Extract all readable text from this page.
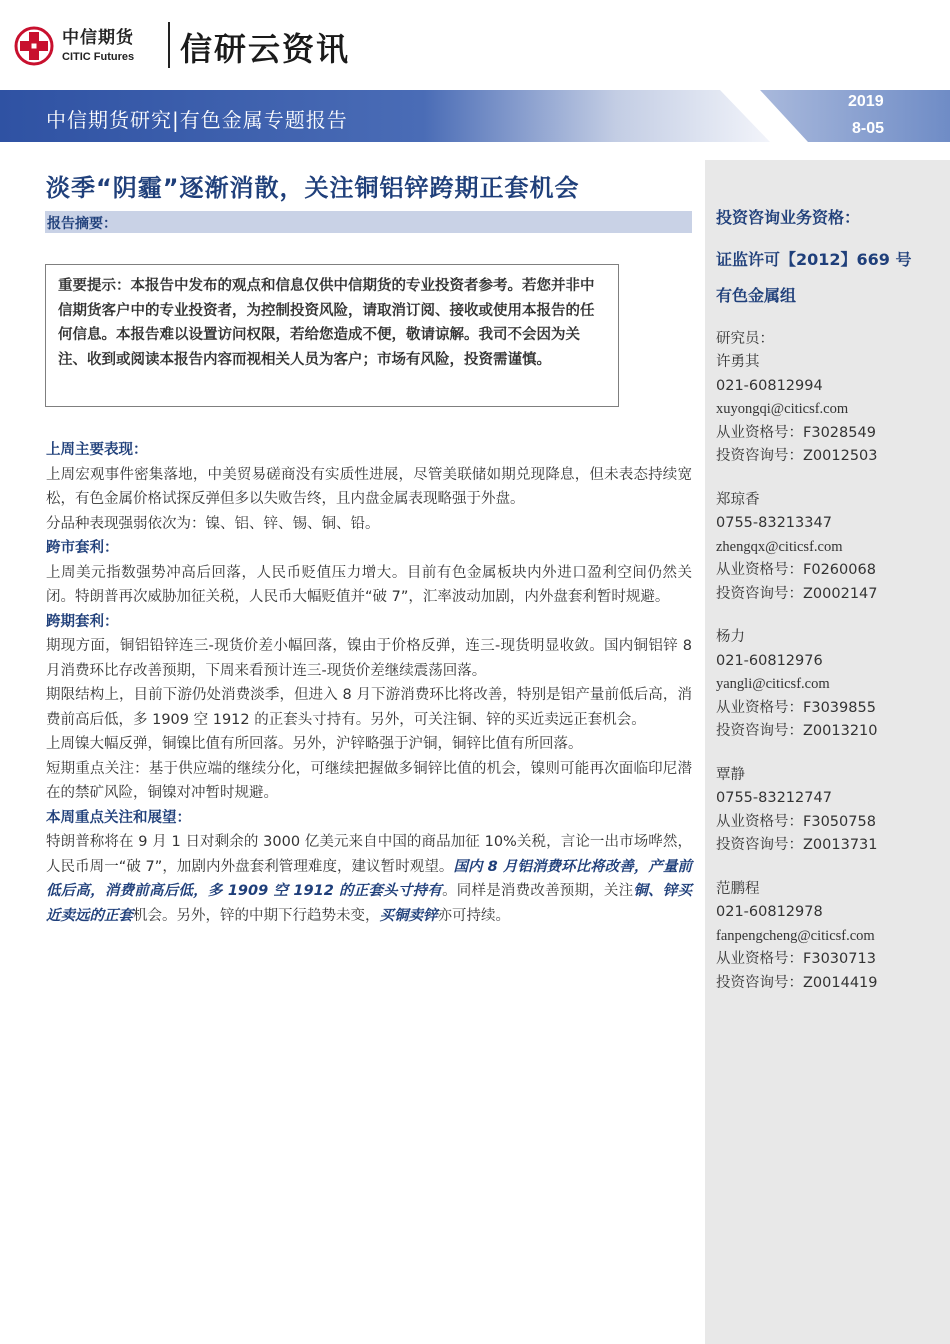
中信期货
CITIC Futures 信研云资讯
中信期货研究|有色金属专题报告
2019
8-05
淡季“阴霾”逐渐消散，关注铜铝锌跨期正套机会
报告摘要：

重要提示：本报告中发布的观点和信息仅供中信期货的专业投资者参考。若您并非中信期货客户中的专业投资者，为控制投资风险，请取消订阅、接收或使用本报告的任何信息。本报告难以设置访问权限，若给您造成不便，敬请谅解。我司不会因为关注、收到或阅读本报告内容而视相关人员为客户；市场有风险，投资需谨慎。

上周主要表现：

上周宏观事件密集落地，中美贸易磋商没有实质性进展，尽管美联储如期兑现降息，但未表态持续宽松，有色金属价格试探反弹但多以失败告终，且内盘金属表现略强于外盘。

分品种表现强弱依次为：镍、铝、锌、锡、铜、铅。

跨市套利：

上周美元指数强势冲高后回落，人民币贬值压力增大。目前有色金属板块内外进口盈利空间仍然关闭。特朗普再次威胁加征关税，人民币大幅贬值并“破 7”，汇率波动加剧，内外盘套利暂时规避。

跨期套利：

期现方面，铜铝铅锌连三-现货价差小幅回落，镍由于价格反弹，连三-现货明显收敛。国内铜铝锌 8 月消费环比存改善预期，下周来看预计连三-现货价差继续震荡回落。

期限结构上，目前下游仍处消费淡季，但进入 8 月下游消费环比将改善，特别是铝产量前低后高，消费前高后低，多 1909 空 1912 的正套头寸持有。另外，可关注铜、锌的买近卖远正套机会。

上周镍大幅反弹，铜镍比值有所回落。另外，沪锌略强于沪铜，铜锌比值有所回落。

短期重点关注：基于供应端的继续分化，可继续把握做多铜锌比值的机会，镍则可能再次面临印尼潜在的禁矿风险，铜镍对冲暂时规避。

本周重点关注和展望：

特朗普称将在 9 月 1 日对剩余的 3000 亿美元来自中国的商品加征 10%关税，言论一出市场哗然，人民币周一“破 7”，加剧内外盘套利管理难度，建议暂时观望。国内 8 月铝消费环比将改善，产量前低后高，消费前高后低，多 1909 空 1912 的正套头寸持有。同样是消费改善预期，关注铜、锌买近卖远的正套机会。另外，锌的中期下行趋势未变，买铜卖锌亦可持续。

投资咨询业务资格：

证监许可【2012】669 号

有色金属组

研究员：

许勇其

021-60812994

xuyongqi@citicsf.com

从业资格号：F3028549

投资咨询号：Z0012503

郑琼香

0755-83213347

zhengqx@citicsf.com

从业资格号：F0260068

投资咨询号：Z0002147

杨力

021-60812976

yangli@citicsf.com

从业资格号：F3039855

投资咨询号：Z0013210

覃静

0755-83212747

从业资格号：F3050758

投资咨询号：Z0013731

范鹏程

021-60812978

fanpengcheng@citicsf.com

从业资格号：F3030713

投资咨询号：Z0014419
